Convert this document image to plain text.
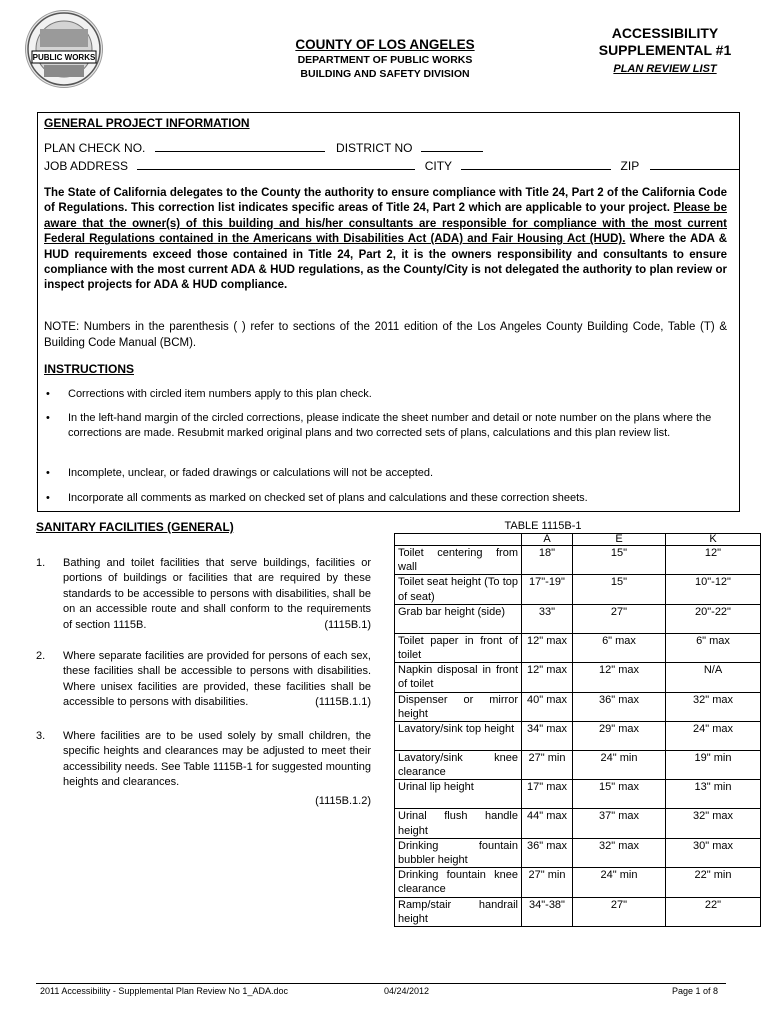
PUBLIC WORKS
COUNTY OF LOS ANGELES
DEPARTMENT OF PUBLIC WORKS
BUILDING AND SAFETY DIVISION
ACCESSIBILITY
SUPPLEMENTAL #1
PLAN REVIEW LIST
GENERAL PROJECT INFORMATION
PLAN CHECK NO.	DISTRICT NO
JOB ADDRESS	CITY	ZIP
The State of California delegates to the County the authority to ensure compliance with Title 24, Part 2 of the California Code of Regulations. This correction list indicates specific areas of Title 24, Part 2 which are applicable to your project. Please be aware that the owner(s) of this building and his/her consultants are responsible for compliance with the most current Federal Regulations contained in the Americans with Disabilities Act (ADA) and Fair Housing Act (HUD). Where the ADA & HUD requirements exceed those contained in Title 24, Part 2, it is the owners responsibility and consultants to ensure compliance with the most current ADA & HUD regulations, as the County/City is not delegated the authority to plan review or inspect projects for ADA & HUD compliance.
NOTE: Numbers in the parenthesis ( ) refer to sections of the 2011 edition of the Los Angeles County Building Code, Table (T) & Building Code Manual (BCM).
INSTRUCTIONS
• Corrections with circled item numbers apply to this plan check.
• In the left-hand margin of the circled corrections, please indicate the sheet number and detail or note number on the plans where the corrections are made. Resubmit marked original plans and two corrected sets of plans, calculations and this plan review list.
• Incomplete, unclear, or faded drawings or calculations will not be accepted.
• Incorporate all comments as marked on checked set of plans and calculations and these correction sheets.
SANITARY FACILITIES (GENERAL)
1. Bathing and toilet facilities that serve buildings, facilities or portions of buildings or facilities that are required by these standards to be accessible to persons with disabilities, shall be on an accessible route and shall conform to the requirements of section 1115B.	(1115B.1)
2. Where separate facilities are provided for persons of each sex, these facilities shall be accessible to persons with disabilities. Where unisex facilities are provided, these facilities shall be accessible to persons with disabilities.	(1115B.1.1)
3. Where facilities are to be used solely by small children, the specific heights and clearances may be adjusted to meet their accessibility needs. See Table 1115B-1 for suggested mounting heights and clearances.
(1115B.1.2)
TABLE 1115B-1
	A	E	K
Toilet centering from wall	18"	15"	12"
Toilet seat height (To top of seat)	17"-19"	15"	10"-12"
Grab bar height (side)	33"	27"	20"-22"
Toilet paper in front of toilet	12" max	6" max	6" max
Napkin disposal in front of toilet	12" max	12" max	N/A
Dispenser or mirror height	40" max	36" max	32" max
Lavatory/sink top height	34" max	29" max	24" max
Lavatory/sink knee clearance	27" min	24" min	19" min
Urinal lip height	17" max	15" max	13" min
Urinal flush handle height	44" max	37" max	32" max
Drinking fountain bubbler height	36" max	32" max	30" max
Drinking fountain knee clearance	27" min	24" min	22" min
Ramp/stair handrail height	34"-38"	27"	22"
2011 Accessibility - Supplemental Plan Review No 1_ADA.doc	04/24/2012	Page 1 of 8
